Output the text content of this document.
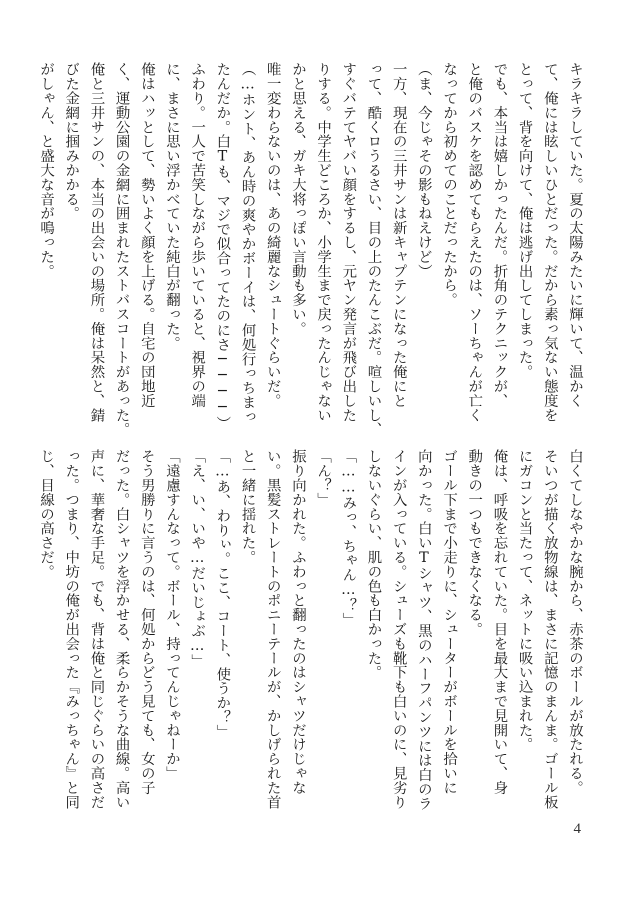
キラキラしていた。夏の太陽みたいに輝いて、温かく
て、俺には眩しいひとだった。だから素っ気ない態度を
とって、背を向けて、俺は逃げ出してしまった。
でも、本当は嬉しかったんだ。折角のテクニックが、
と俺のバスケを認めてもらえたのは、ソーちゃんが亡く
なってから初めてのことだったから。
（ま、今じゃその影もねえけど）
一方、現在の三井サンは新キャプテンになった俺にと
って、酷くロうるさい、目の上のたんこぶだ。喧しいし、
すぐバテてヤバい顔をするし、元ヤン発言が飛び出した
りする。中学生どころか、小学生まで戻ったんじゃない
かと思える、ガキ大将っぽい言動も多い。
唯一変わらないのは、あの綺麗なシュートぐらいだ。
（…ホント、あん時の爽やかボーイは、何処行っちまっ
たんだか。白Tも、マジで似合ってたのにさ────）
ふわり。一人で苦笑しながら歩いていると、視界の端
に、まさに思い浮かべていた純白が翻った。
俺はハッとして、勢いよく顔を上げる。自宅の団地近
く、運動公園の金網に囲まれたストバスコートがあった。
俺と三井サンの、本当の出会いの場所。俺は呆然と、錆
びた金網に掴みかかる。
がしゃん、と盛大な音が鳴った。
白くてしなやかな腕から、赤茶のボールが放たれる。
そいつが描く放物線は、まさに記憶のまんま。ゴール板
にガコンと当たって、ネットに吸い込まれた。
俺は、呼吸を忘れていた。目を最大まで見開いて、身
動きの一つもできなくなる。
ゴール下まで小走りに、シューターがボールを拾いに
向かった。白いTシャツ、黒のハーフパンツには白のラ
インが入っている。シューズも靴下も白いのに、見劣り
しないぐらい、肌の色も白かった。
「……みっ、ちゃん…？」
「ん？」
振り向かれた。ふわっと翻ったのはシャツだけじゃな
い。黒髪ストレートのポニーテールが、かしげられた首
と一緒に揺れた。
「…あ、わりぃ。ここ、コート、使うか？」
「え、い、いや…だいじょぶ…」
「遠慮すんなって。ボール、持ってんじゃねーか」
そう男勝りに言うのは、何処からどう見ても、女の子
だった。白シャツを浮かせる、柔らかそうな曲線。高い
声に、華奢な手足。でも、背は俺と同じぐらいの高さだ
った。つまり、中坊の俺が出会った『みっちゃん』と同
じ、目線の高さだ。
4
